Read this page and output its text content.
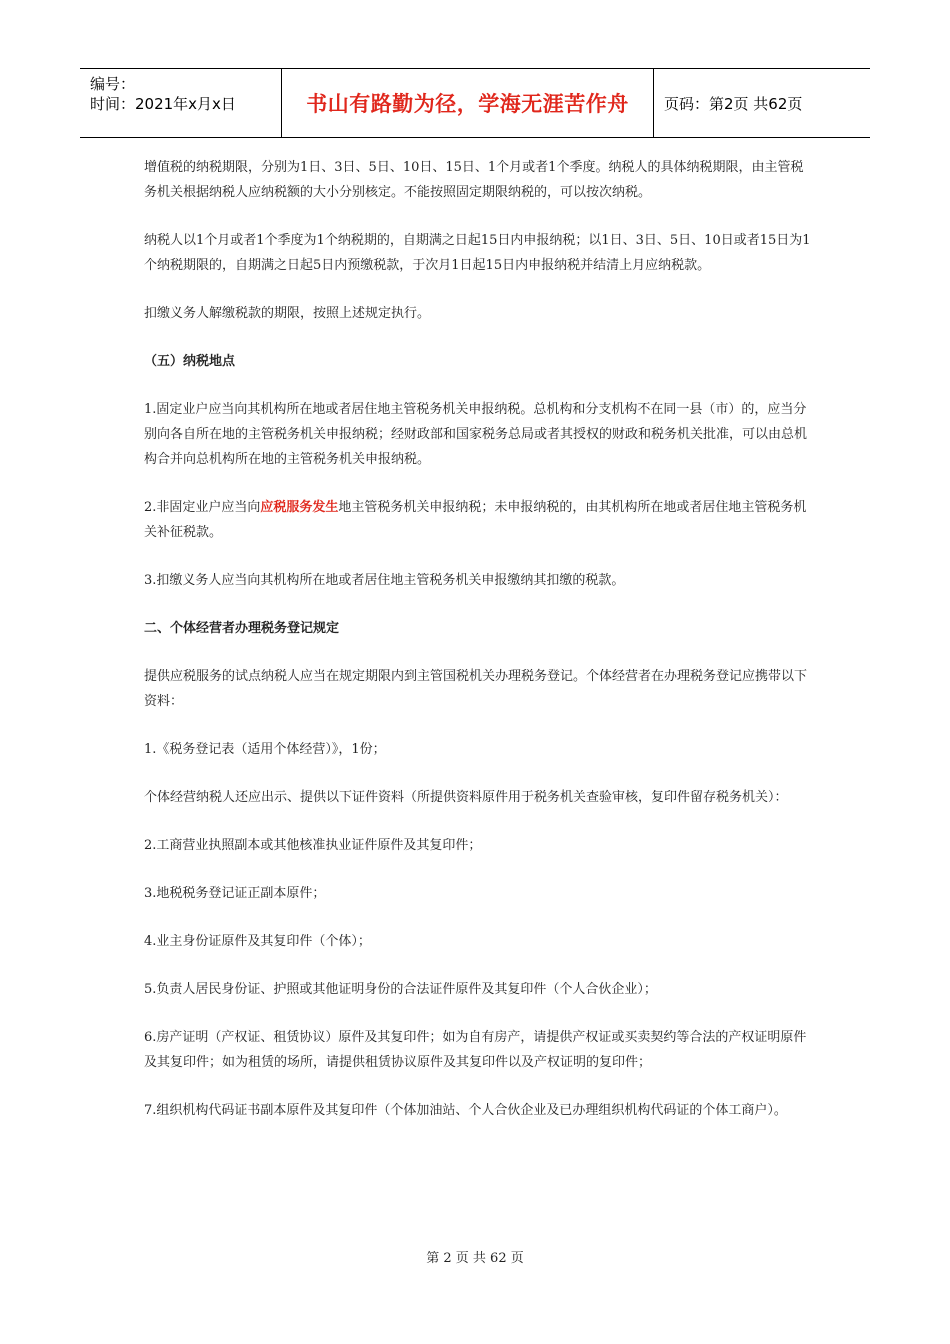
编号：
时间：2021年x月x日	书山有路勤为径，学海无涯苦作舟	页码：第2页 共62页

增值税的纳税期限，分别为1日、3日、5日、10日、15日、1个月或者1个季度。纳税人的具体纳税期限，由主管税务机关根据纳税人应纳税额的大小分别核定。不能按照固定期限纳税的，可以按次纳税。

纳税人以1个月或者1个季度为1个纳税期的，自期满之日起15日内申报纳税；以1日、3日、5日、10日或者15日为1个纳税期限的，自期满之日起5日内预缴税款，于次月1日起15日内申报纳税并结清上月应纳税款。

扣缴义务人解缴税款的期限，按照上述规定执行。

（五）纳税地点

1.固定业户应当向其机构所在地或者居住地主管税务机关申报纳税。总机构和分支机构不在同一县（市）的，应当分别向各自所在地的主管税务机关申报纳税；经财政部和国家税务总局或者其授权的财政和税务机关批准，可以由总机构合并向总机构所在地的主管税务机关申报纳税。

2.非固定业户应当向应税服务发生地主管税务机关申报纳税；未申报纳税的，由其机构所在地或者居住地主管税务机关补征税款。

3.扣缴义务人应当向其机构所在地或者居住地主管税务机关申报缴纳其扣缴的税款。

二、个体经营者办理税务登记规定

提供应税服务的试点纳税人应当在规定期限内到主管国税机关办理税务登记。个体经营者在办理税务登记应携带以下资料：

1.《税务登记表（适用个体经营）》，1份；

个体经营纳税人还应出示、提供以下证件资料（所提供资料原件用于税务机关查验审核，复印件留存税务机关）：

2.工商营业执照副本或其他核准执业证件原件及其复印件；

3.地税税务登记证正副本原件；

4.业主身份证原件及其复印件（个体）；

5.负责人居民身份证、护照或其他证明身份的合法证件原件及其复印件（个人合伙企业）；

6.房产证明（产权证、租赁协议）原件及其复印件；如为自有房产，请提供产权证或买卖契约等合法的产权证明原件及其复印件；如为租赁的场所，请提供租赁协议原件及其复印件以及产权证明的复印件；

7.组织机构代码证书副本原件及其复印件（个体加油站、个人合伙企业及已办理组织机构代码证的个体工商户）。

第 2 页 共 62 页
